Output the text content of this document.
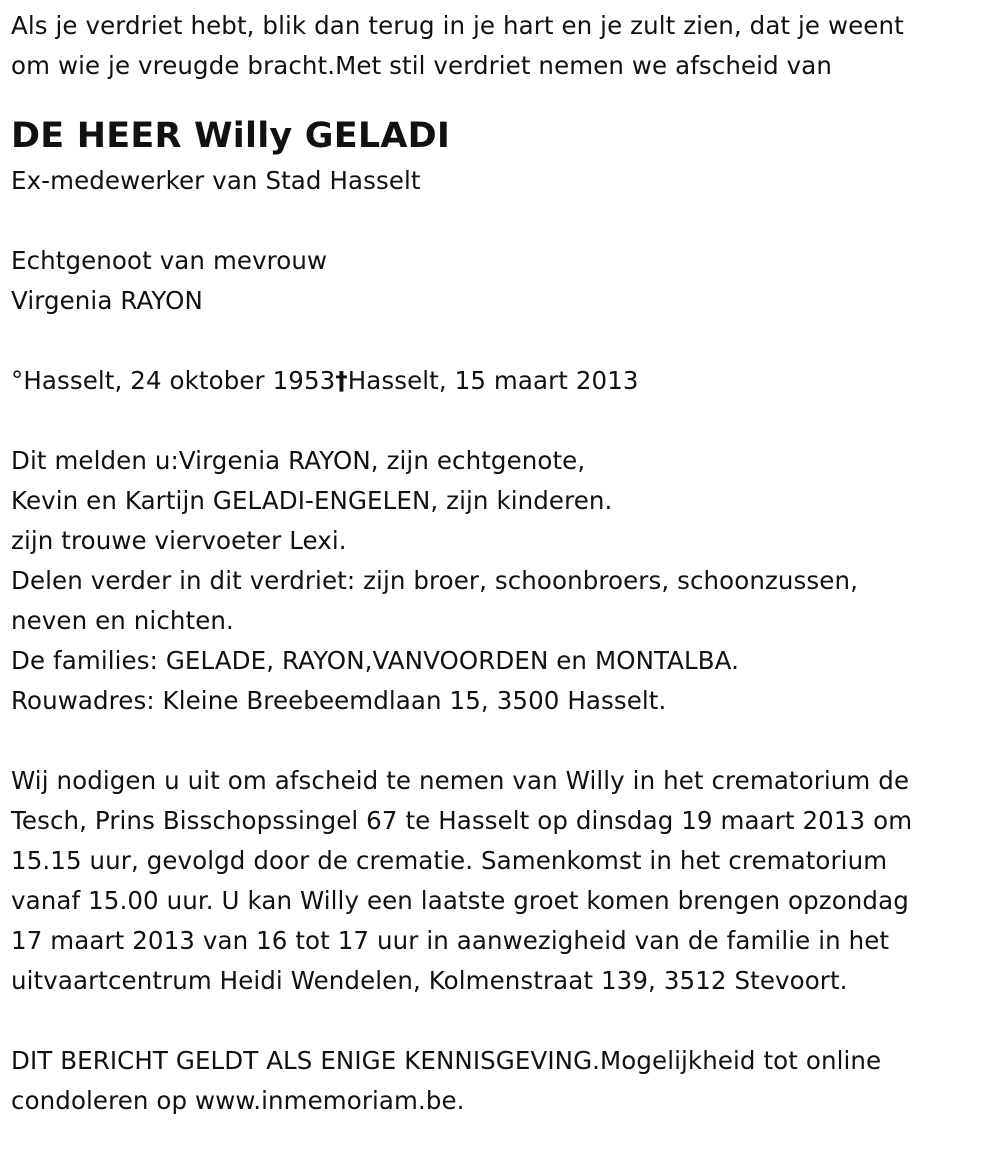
Als je verdriet hebt, blik dan terug in je hart en je zult zien, dat je weent
om wie je vreugde bracht.Met stil verdriet nemen we afscheid van
DE HEER Willy GELADI
Ex-medewerker van Stad Hasselt
Echtgenoot van mevrouw
Virgenia RAYON
°Hasselt, 24 oktober 1953†Hasselt, 15 maart 2013
Dit melden u:Virgenia RAYON, zijn echtgenote,
Kevin en Kartijn GELADI-ENGELEN, zijn kinderen.
zijn trouwe viervoeter Lexi.
Delen verder in dit verdriet: zijn broer, schoonbroers, schoonzussen,
neven en nichten.
De families: GELADE, RAYON,VANVOORDEN en MONTALBA.
Rouwadres: Kleine Breebeemdlaan 15, 3500 Hasselt.
Wij nodigen u uit om afscheid te nemen van Willy in het crematorium de
Tesch, Prins Bisschopssingel 67 te Hasselt op dinsdag 19 maart 2013 om
15.15 uur, gevolgd door de crematie. Samenkomst in het crematorium
vanaf 15.00 uur. U kan Willy een laatste groet komen brengen opzondag
17 maart 2013 van 16 tot 17 uur in aanwezigheid van de familie in het
uitvaartcentrum Heidi Wendelen, Kolmenstraat 139, 3512 Stevoort.
DIT BERICHT GELDT ALS ENIGE KENNISGEVING.Mogelijkheid tot online
condoleren op www.inmemoriam.be.
